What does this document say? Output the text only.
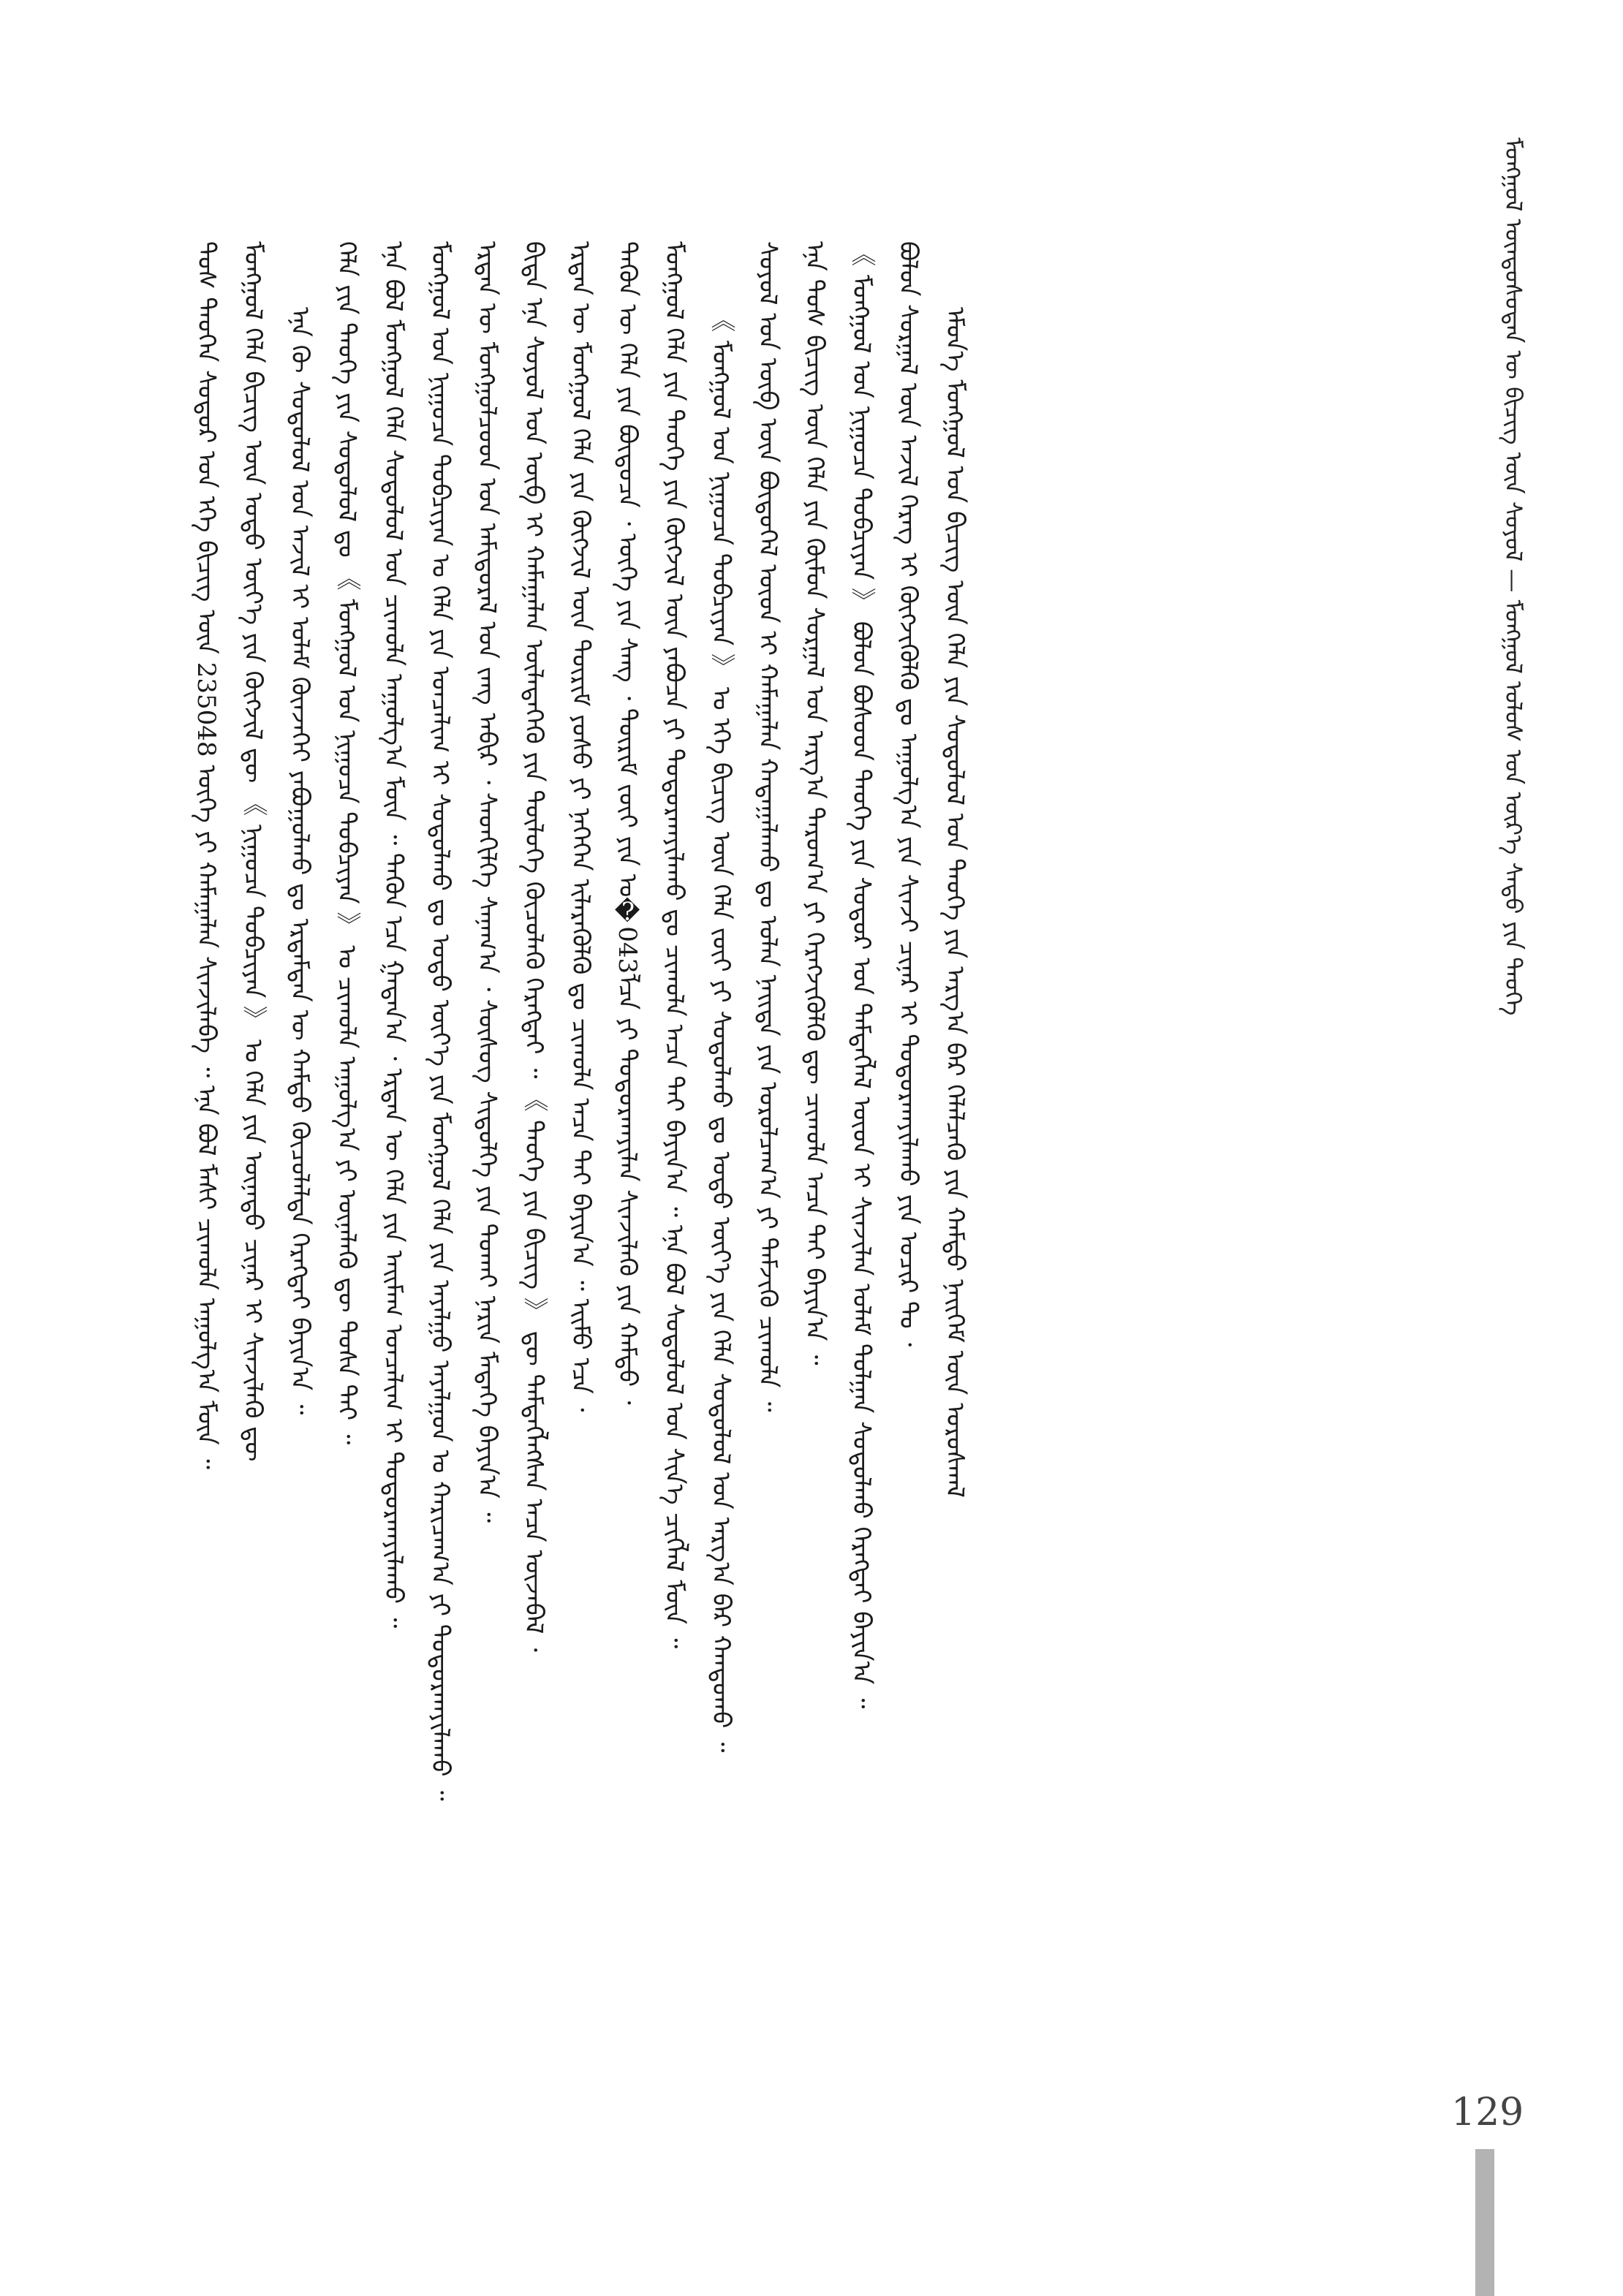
ᠮᠣᠩᠭᠣᠯ ᠦᠨᠳᠦᠰᠦᠲᠡᠨ ᠦ ᠪᠢᠴᠢᠭ᠌ ᠦᠨ ᠰᠣᠶᠣᠯ — ᠮᠣᠩᠭᠣᠯ ᠤᠯᠤᠰ ᠤᠨ ᠦᠷ᠎ᠡ ᠰᠠᠳᠤ ᠶᠢᠨ ᠲᠡᠦᠬᠡ
ᠲᠤᠰ ᠲᠡᠦᠬᠡᠨ ᠰᠤᠳᠤᠷ ᠤᠨ ᠡᠬᠡ ᠪᠢᠴᠢᠭ᠌ ᠦᠨ 235048 ᠦᠭᠡ ᠶᠢ ᠬᠠᠮᠠᠭᠠᠯᠠᠨ ᠰᠢᠨᠵᠢᠯᠡᠪᠡ ᠃ ᠡᠨᠡ ᠪᠣᠯ ᠮᠠᠰᠢ ᠴᠢᠬᠤᠯᠠ ᠠᠭᠤᠯᠭ᠎ᠠ ᠮᠥᠨ ᠃ ᠮᠣᠩᠭᠣᠯ ᠬᠡᠯᠡ ᠪᠢᠴᠢᠭ᠌ ᠦᠨ ᠣᠳᠣ ᠦᠶ᠎ᠡ ᠶᠢᠨ ᠬᠥᠭᠵᠢᠯ ᠳᠦ 《 ᠨᠢᠭᠤᠴᠠ ᠲᠣᠪᠴᠢᠶᠠᠨ 》 ᠤ ᠬᠡᠯᠡ ᠶᠢᠨ ᠦᠨᠡᠲᠦ ᠴᠢᠨᠠᠷ ᠢ ᠰᠢᠨᠵᠢᠯᠡᠬᠦ ᠳᠦ ᠡᠨᠡ ᠬᠦ ᠰᠤᠳᠤᠯᠤᠯ ᠤᠨ ᠠᠵᠢᠯ ᠢ ᠤᠯᠠᠮ ᠭᠦᠨᠵᠡᠭᠡᠢ ᠶᠠᠪᠤᠭᠤᠯᠬᠤ ᠳᠤ ᠡᠷᠳᠡᠮᠲᠡᠨ ᠦ ᠬᠠᠮᠲᠤ ᠬᠦᠴᠦᠯᠡᠯᠲᠡ ᠬᠡᠷᠡᠭᠲᠡᠢ ᠪᠠᠶᠢᠨ᠎ᠠ ᠃ ᠬᠡᠯᠡ ᠶᠢᠨ ᠲᠡᠦᠬᠡ ᠶᠢᠨ ᠰᠤᠳᠤᠯᠤᠯ ᠳᠤ 《 ᠮᠣᠩᠭᠣᠯ ᠤᠨ ᠨᠢᠭᠤᠴᠠ ᠲᠣᠪᠴᠢᠶᠠᠨ 》 ᠤ ᠴᠢᠬᠤᠯᠠ ᠠᠭᠤᠯᠭ᠎ᠠ ᠶᠢ ᠦᠨᠡᠯᠡᠬᠦ ᠳᠦ ᠲᠤᠰᠠ ᠲᠠᠢ ᠃ ᠡᠨᠡ ᠪᠣᠯ ᠮᠣᠩᠭᠣᠯ ᠬᠡᠯᠡ ᠰᠤᠳᠤᠯᠤᠯ ᠤᠨ ᠴᠢᠬᠤᠯᠠ ᠠᠭᠤᠯᠭ᠎ᠠ ᠮᠥᠨ ᠃ ᠲᠡᠭᠦᠨ ᠡᠴᠡ ᠭᠠᠳᠠᠨ᠎ᠠ ᠂ ᠡᠷᠲᠡᠨ ᠦ ᠬᠡᠯᠡ ᠶᠢᠨ ᠠᠢᠮᠠᠭ ᠣᠨᠴᠠᠯᠢᠭ ᠢ ᠲᠣᠳᠣᠷᠬᠠᠶᠢᠯᠠᠬᠤ ᠃ ᠮᠣᠩᠭᠣᠯ ᠤᠨ ᠨᠢᠭᠤᠴᠠ ᠲᠣᠪᠴᠢᠶᠠᠨ ᠤ ᠬᠡᠯᠡ ᠶᠢᠨ ᠣᠨᠴᠠᠯᠢᠭ ᠢ ᠰᠤᠳᠤᠯᠬᠤ ᠳᠤ ᠣᠳᠣ ᠦᠶ᠎ᠡ ᠶᠢᠨ ᠮᠣᠩᠭᠣᠯ ᠬᠡᠯᠡ ᠶᠢᠨ ᠠᠶᠠᠯᠭᠤ ᠠᠶᠠᠯᠭᠤᠨ ᠤ ᠬᠠᠷᠢᠴᠠᠭ᠎ᠠ ᠶᠢ ᠲᠣᠳᠣᠷᠬᠠᠶᠢᠯᠠᠬᠤ ᠃ ᠡᠷᠲᠡᠨ ᠦ ᠮᠣᠩᠭᠣᠯᠴᠤᠳ ᠤᠨ ᠠᠮᠢᠳᠤᠷᠠᠯ ᠤᠨ ᠵᠠᠩ ᠠᠪᠢᠷ ᠂ ᠰᠡᠳᠬᠢᠯᠭᠡ ᠰᠠᠨᠠᠭ᠎ᠠ ᠂ ᠰᠦᠰᠦᠭ ᠰᠢᠲᠦᠯᠭᠡ ᠶᠢᠨ ᠲᠤᠬᠠᠢ ᠨᠠᠷᠢᠨ ᠮᠡᠳᠡᠭᠡ ᠪᠠᠶᠢᠨ᠎ᠠ ᠃ ᠪᠢᠳᠡ ᠡᠨᠡ ᠰᠣᠶᠣᠯ ᠤᠨ ᠥᠪ ᠢ ᠬᠠᠮᠠᠭᠠᠯᠠᠨ ᠦᠯᠡᠳᠡᠭᠡᠬᠦ ᠶᠢᠨ ᠲᠥᠯᠦᠭᠡ ᠬᠦᠴᠦᠯᠡᠬᠦ ᠬᠡᠷᠡᠭᠲᠡᠢ ᠃ 《 ᠲᠡᠦᠬᠡ ᠶᠢᠨ ᠪᠢᠴᠢᠭ᠌ 》 ᠳᠦ ᠲᠡᠮᠳᠡᠭᠯᠡᠭᠰᠡᠨ ᠠᠴᠠ ᠦᠵᠡᠪᠡᠯ ᠂ ᠡᠷᠲᠡᠨ ᠦ ᠮᠣᠩᠭᠣᠯ ᠬᠡᠯᠡ ᠶᠢᠨ ᠬᠥᠭᠵᠢᠯ ᠦᠨ ᠳᠦᠷᠢᠮ ᠶᠣᠰᠣ ᠶᠢ ᠨᠡᠭᠡᠭᠡᠨ ᠢᠯᠡᠷᠡᠭᠦᠯᠬᠦ ᠳᠤ ᠴᠢᠬᠤᠯᠠ ᠠᠴᠠ ᠲᠠᠢ ᠪᠠᠶᠢᠨ᠎ᠠ ᠃ ᠡᠢᠮᠤ ᠡᠴᠡ ᠂ ᠲᠡᠭᠦᠨ ᠦ ᠬᠡᠯᠡ ᠶᠢᠨ ᠪᠦᠲᠦᠴᠡ ᠂ ᠦᠭᠡ ᠶᠢᠨ ᠰᠠᠩ ᠂ ᠳᠦᠷᠢᠮ ᠵᠦᠢ ᠶᠢᠨ ᠣ�043ᠯᠴᠠ ᠶᠢ ᠲᠣᠳᠣᠷᠬᠠᠶᠢᠯᠠᠨ ᠰᠢᠨᠵᠢᠯᠡᠬᠦ ᠶᠢᠨ ᠬᠠᠮᠲᠤ ᠂ ᠮᠣᠩᠭᠣᠯ ᠬᠡᠯᠡ ᠶᠢᠨ ᠲᠡᠦᠬᠡ ᠶᠢᠨ ᠬᠥᠭᠵᠢᠯ ᠦᠨ ᠶᠠᠪᠤᠴᠠ ᠶᠢ ᠲᠣᠳᠣᠷᠬᠠᠶᠢᠯᠠᠬᠤ ᠳᠤ ᠴᠢᠬᠤᠯᠠ ᠠᠴᠠ ᠲᠠᠢ ᠪᠠᠶᠢᠨ᠎ᠠ ᠃ ᠡᠨᠡ ᠪᠣᠯ ᠰᠤᠳᠤᠯᠤᠯ ᠤᠨ ᠰᠢᠨ᠎ᠡ ᠴᠢᠭᠯᠡᠯ ᠮᠥᠨ ᠃ 《 ᠮᠣᠩᠭᠣᠯ ᠤᠨ ᠨᠢᠭᠤᠴᠠ ᠲᠣᠪᠴᠢᠶᠠᠨ 》 ᠤ ᠡᠬᠡ ᠪᠢᠴᠢᠭ᠌ ᠦᠨ ᠬᠡᠯᠡ ᠵᠦᠢ ᠶᠢ ᠰᠤᠳᠤᠯᠬᠤ ᠳᠤ ᠣᠳᠣ ᠦᠶ᠎ᠡ ᠶᠢᠨ ᠬᠡᠯᠡ ᠰᠤᠳᠤᠯᠤᠯ ᠤᠨ ᠠᠷᠭ᠎ᠠ ᠪᠠᠷ ᠬᠠᠨᠳᠤᠬᠤ ᠃ ᠰᠣᠶᠣᠯ ᠤᠨ ᠥᠪ ᠦᠨ ᠪᠦᠲᠦᠭᠡᠯ ᠦᠳ ᠢ ᠬᠠᠮᠠᠭᠠᠯᠠᠨ ᠬᠠᠳᠠᠭᠠᠯᠠᠬᠤ ᠳᠤ ᠣᠯᠠᠨ ᠨᠡᠢᠲᠡ ᠶᠢᠨ ᠣᠷᠤᠯᠴᠠᠭ᠎ᠠ ᠶᠢ ᠳᠡᠮᠵᠢᠬᠦ ᠴᠢᠬᠤᠯᠠ ᠃ ᠡᠨᠡ ᠲᠤᠰ ᠪᠢᠴᠢᠭ᠌ ᠦᠨ ᠬᠡᠯᠡ ᠶᠢᠨ ᠬᠦᠮᠦᠨ ᠰᠤᠷᠭᠠᠯ ᠤᠨ ᠠᠷᠭ᠎ᠠ ᠳᠠᠷᠤᠭ᠎ᠠ ᠶᠢ ᠬᠡᠷᠡᠭᠵᠢᠭᠦᠯᠬᠦ ᠳᠦ ᠴᠢᠬᠤᠯᠠ ᠠᠴᠠ ᠲᠠᠢ ᠪᠠᠶᠢᠨ᠎ᠠ ᠃ 《 ᠮᠣᠩᠭᠣᠯ ᠤᠨ ᠨᠢᠭᠤᠴᠠ ᠲᠣᠪᠴᠢᠶᠠᠨ 》 ᠪᠣᠯᠤᠨ ᠪᠤᠰᠤᠳ ᠲᠡᠦᠬᠡ ᠶᠢᠨ ᠰᠤᠳᠤᠷ ᠤᠨ ᠲᠡᠮᠳᠡᠭᠯᠡᠯ ᠦᠳ ᠢ ᠰᠢᠨᠵᠢᠯᠡᠨ ᠤᠯᠠᠮ ᠲᠤᠯᠭᠠᠨ ᠰᠤᠳᠤᠯᠬᠤ ᠬᠡᠷᠡᠭᠲᠡᠢ ᠪᠠᠶᠢᠨ᠎ᠠ ᠃ ᠪᠣᠯᠤᠨ ᠰᠤᠷᠭᠠᠯ ᠦᠨ ᠠᠵᠢᠯ ᠬᠡᠷᠡᠭ ᠢ ᠬᠦᠭᠵᠢᠭᠦᠯᠬᠦ ᠳᠤ ᠠᠭᠤᠯᠭ᠎ᠠ ᠶᠢᠨ ᠰᠢᠨᠵᠢ ᠴᠢᠨᠠᠷ ᠢ ᠲᠣᠳᠣᠷᠬᠠᠶᠢᠯᠠᠬᠤ ᠶᠢᠨ ᠤᠴᠢᠷ ᠲᠤ ᠂ ᠡᠮᠦᠨ᠎ᠡ ᠮᠣᠩᠭᠣᠯ ᠤᠨ ᠪᠢᠴᠢᠭ᠌ ᠦᠨ ᠬᠡᠯᠡ ᠶᠢᠨ ᠰᠤᠳᠤᠯᠤᠯ ᠤᠨ ᠲᠡᠦᠬᠡ ᠶᠢᠨ ᠠᠷᠭ᠎ᠠ ᠪᠠᠷ ᠬᠡᠯᠡᠯᠴᠡᠬᠦ ᠶᠢᠨ ᠬᠠᠮᠲᠤ ᠨᠡᠢᠭᠡᠮ ᠦᠨ ᠤᠷᠤᠰᠬᠠᠯ
129
